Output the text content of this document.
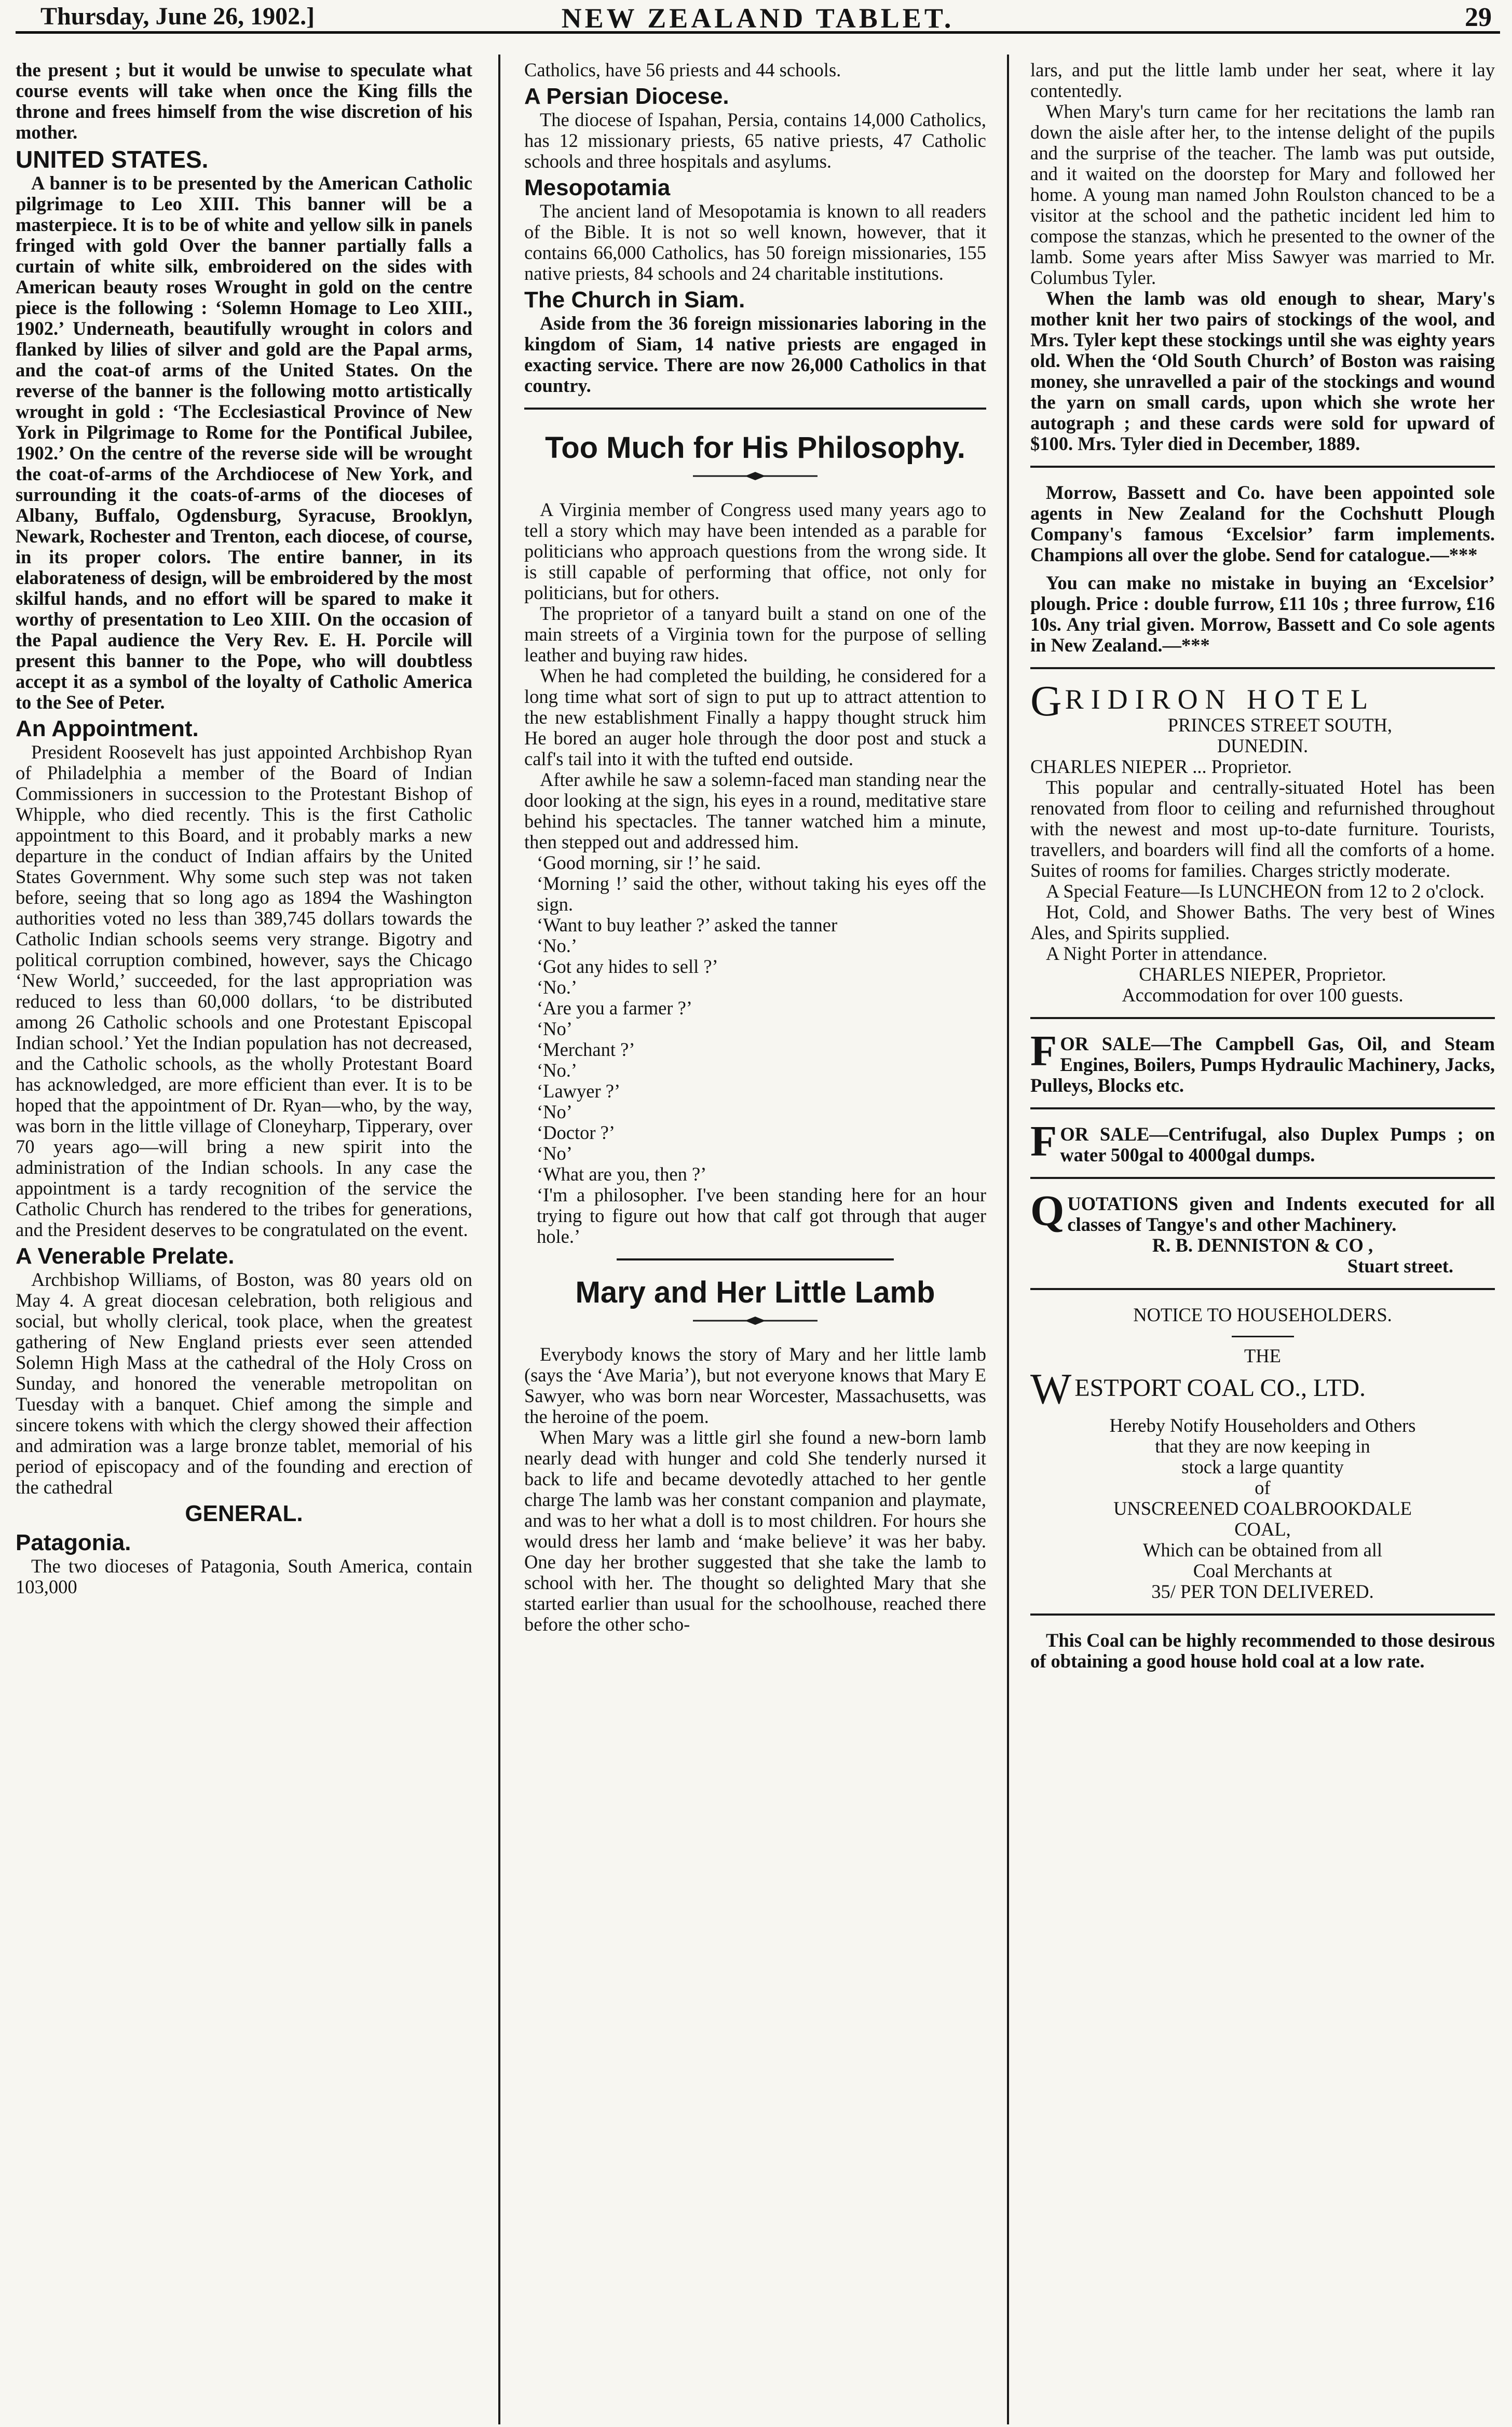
Thursday, June 26, 1902.]	NEW ZEALAND TABLET.	29

the present ; but it would be unwise to speculate what course events will take when once the King fills the throne and frees himself from the wise discretion of his mother.

UNITED STATES.

A banner is to be presented by the American Catholic pilgrimage to Leo XIII. This banner will be a masterpiece. It is to be of white and yellow silk in panels fringed with gold Over the banner partially falls a curtain of white silk, embroidered on the sides with American beauty roses Wrought in gold on the centre piece is the following : ‘Solemn Homage to Leo XIII., 1902.’ Underneath, beautifully wrought in colors and flanked by lilies of silver and gold are the Papal arms, and the coat-of arms of the United States. On the reverse of the banner is the following motto artistically wrought in gold : ‘The Ecclesiastical Province of New York in Pilgrimage to Rome for the Pontifical Jubilee, 1902.’ On the centre of the reverse side will be wrought the coat-of-arms of the Archdiocese of New York, and surrounding it the coats-of-arms of the dioceses of Albany, Buffalo, Ogdensburg, Syracuse, Brooklyn, Newark, Rochester and Trenton, each diocese, of course, in its proper colors. The entire banner, in its elaborateness of design, will be embroidered by the most skilful hands, and no effort will be spared to make it worthy of presentation to Leo XIII. On the occasion of the Papal audience the Very Rev. E. H. Porcile will present this banner to the Pope, who will doubtless accept it as a symbol of the loyalty of Catholic America to the See of Peter.

An Appointment.

President Roosevelt has just appointed Archbishop Ryan of Philadelphia a member of the Board of Indian Commissioners in succession to the Protestant Bishop of Whipple, who died recently. This is the first Catholic appointment to this Board, and it probably marks a new departure in the conduct of Indian affairs by the United States Government. Why some such step was not taken before, seeing that so long ago as 1894 the Washington authorities voted no less than 389,745 dollars towards the Catholic Indian schools seems very strange. Bigotry and political corruption combined, however, says the Chicago ‘New World,’ succeeded, for the last appropriation was reduced to less than 60,000 dollars, ‘to be distributed among 26 Catholic schools and one Protestant Episcopal Indian school.’ Yet the Indian population has not decreased, and the Catholic schools, as the wholly Protestant Board has acknowledged, are more efficient than ever. It is to be hoped that the appointment of Dr. Ryan—who, by the way, was born in the little village of Cloneyharp, Tipperary, over 70 years ago—will bring a new spirit into the administration of the Indian schools. In any case the appointment is a tardy recognition of the service the Catholic Church has rendered to the tribes for generations, and the President deserves to be congratulated on the event.

A Venerable Prelate.

Archbishop Williams, of Boston, was 80 years old on May 4. A great diocesan celebration, both religious and social, but wholly clerical, took place, when the greatest gathering of New England priests ever seen attended Solemn High Mass at the cathedral of the Holy Cross on Sunday, and honored the venerable metropolitan on Tuesday with a banquet. Chief among the simple and sincere tokens with which the clergy showed their affection and admiration was a large bronze tablet, memorial of his period of episcopacy and of the founding and erection of the cathedral

GENERAL.
Patagonia.

The two dioceses of Patagonia, South America, contain 103,000

Catholics, have 56 priests and 44 schools.

A Persian Diocese.

The diocese of Ispahan, Persia, contains 14,000 Catholics, has 12 missionary priests, 65 native priests, 47 Catholic schools and three hospitals and asylums.

Mesopotamia

The ancient land of Mesopotamia is known to all readers of the Bible. It is not so well known, however, that it contains 66,000 Catholics, has 50 foreign missionaries, 155 native priests, 84 schools and 24 charitable institutions.

The Church in Siam.

Aside from the 36 foreign missionaries laboring in the kingdom of Siam, 14 native priests are engaged in exacting service. There are now 26,000 Catholics in that country.

Too Much for His Philosophy.

A Virginia member of Congress used many years ago to tell a story which may have been intended as a parable for politicians who approach questions from the wrong side. It is still capable of performing that office, not only for politicians, but for others.

The proprietor of a tanyard built a stand on one of the main streets of a Virginia town for the purpose of selling leather and buying raw hides.

When he had completed the building, he considered for a long time what sort of sign to put up to attract attention to the new establishment Finally a happy thought struck him He bored an auger hole through the door post and stuck a calf's tail into it with the tufted end outside.

After awhile he saw a solemn-faced man standing near the door looking at the sign, his eyes in a round, meditative stare behind his spectacles. The tanner watched him a minute, then stepped out and addressed him.

‘Good morning, sir !’ he said.

‘Morning !’ said the other, without taking his eyes off the sign.

‘Want to buy leather ?’ asked the tanner

‘No.’

‘Got any hides to sell ?’

‘No.’

‘Are you a farmer ?’

‘No’

‘Merchant ?’

‘No.’

‘Lawyer ?’

‘No’

‘Doctor ?’

‘No’

‘What are you, then ?’

‘I'm a philosopher. I've been standing here for an hour trying to figure out how that calf got through that auger hole.’

Mary and Her Little Lamb

Everybody knows the story of Mary and her little lamb (says the ‘Ave Maria’), but not everyone knows that Mary E Sawyer, who was born near Worcester, Massachusetts, was the heroine of the poem.

When Mary was a little girl she found a new-born lamb nearly dead with hunger and cold She tenderly nursed it back to life and became devotedly attached to her gentle charge The lamb was her constant companion and playmate, and was to her what a doll is to most children. For hours she would dress her lamb and ‘make believe’ it was her baby. One day her brother suggested that she take the lamb to school with her. The thought so delighted Mary that she started earlier than usual for the schoolhouse, reached there before the other scho-

lars, and put the little lamb under her seat, where it lay contentedly.

When Mary's turn came for her recitations the lamb ran down the aisle after her, to the intense delight of the pupils and the surprise of the teacher. The lamb was put outside, and it waited on the doorstep for Mary and followed her home. A young man named John Roulston chanced to be a visitor at the school and the pathetic incident led him to compose the stanzas, which he presented to the owner of the lamb. Some years after Miss Sawyer was married to Mr. Columbus Tyler.

When the lamb was old enough to shear, Mary's mother knit her two pairs of stockings of the wool, and Mrs. Tyler kept these stockings until she was eighty years old. When the ‘Old South Church’ of Boston was raising money, she unravelled a pair of the stockings and wound the yarn on small cards, upon which she wrote her autograph ; and these cards were sold for upward of $100. Mrs. Tyler died in December, 1889.

Morrow, Bassett and Co. have been appointed sole agents in New Zealand for the Cochshutt Plough Company's famous ‘Excelsior’ farm implements. Champions all over the globe. Send for catalogue.—***

You can make no mistake in buying an ‘Excelsior’ plough. Price : double furrow, £11 10s ; three furrow, £16 10s. Any trial given. Morrow, Bassett and Co sole agents in New Zealand.—***

G RIDIRON HOTEL

PRINCES STREET SOUTH,

DUNEDIN.

CHARLES NIEPER ... Proprietor.

This popular and centrally-situated Hotel has been renovated from floor to ceiling and refurnished throughout with the newest and most up-to-date furniture. Tourists, travellers, and boarders will find all the comforts of a home. Suites of rooms for families. Charges strictly moderate.

A Special Feature—Is LUNCHEON from 12 to 2 o'clock.

Hot, Cold, and Shower Baths. The very best of Wines Ales, and Spirits supplied.

A Night Porter in attendance.

CHARLES NIEPER, Proprietor.

Accommodation for over 100 guests.

FOR SALE—The Campbell Gas, Oil, and Steam Engines, Boilers, Pumps Hydraulic Machinery, Jacks, Pulleys, Blocks etc.

FOR SALE—Centrifugal, also Duplex Pumps ; on water 500gal to 4000gal dumps.

QUOTATIONS given and Indents executed for all classes of Tangye's and other Machinery.

R. B. DENNISTON & CO ,

Stuart street.

NOTICE TO HOUSEHOLDERS.

THE

W ESTPORT COAL CO., LTD.

Hereby Notify Householders and Others

that they are now keeping in

stock a large quantity

of

UNSCREENED COALBROOKDALE

COAL,

Which can be obtained from all

Coal Merchants at

35/ PER TON DELIVERED.

This Coal can be highly recommended to those desirous of obtaining a good house hold coal at a low rate.
